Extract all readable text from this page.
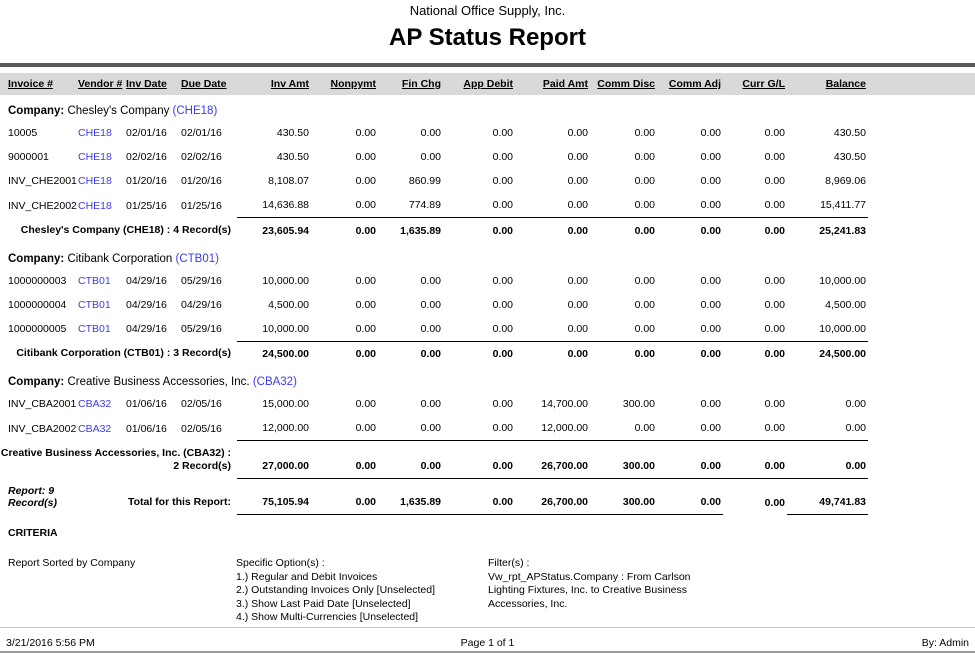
National Office Supply, Inc.
AP Status Report
Invoice #	Vendor #	Inv Date	Due Date	Inv Amt	Nonpymt	Fin Chg	App Debit	Paid Amt	Comm Disc	Comm Adj	Curr G/L	Balance	

Company: Chesley's Company (CHE18)													

10005	CHE18	02/01/16	02/01/16	430.50	0.00	0.00	0.00	0.00	0.00	0.00	0.00	430.50	
9000001	CHE18	02/02/16	02/02/16	430.50	0.00	0.00	0.00	0.00	0.00	0.00	0.00	430.50	
INV_CHE2001	CHE18	01/20/16	01/20/16	8,108.07	0.00	860.99	0.00	0.00	0.00	0.00	0.00	8,969.06	
INV_CHE2002	CHE18	01/25/16	01/25/16	14,636.88	0.00	774.89	0.00	0.00	0.00	0.00	0.00	15,411.77	
Chesley's Company (CHE18) : 4 Record(s)				23,605.94	0.00	1,635.89	0.00	0.00	0.00	0.00	0.00	25,241.83	

Company: Citibank Corporation (CTB01)													

1000000003	CTB01	04/29/16	05/29/16	10,000.00	0.00	0.00	0.00	0.00	0.00	0.00	0.00	10,000.00	
1000000004	CTB01	04/29/16	04/29/16	4,500.00	0.00	0.00	0.00	0.00	0.00	0.00	0.00	4,500.00	
1000000005	CTB01	04/29/16	05/29/16	10,000.00	0.00	0.00	0.00	0.00	0.00	0.00	0.00	10,000.00	
Citibank Corporation (CTB01) : 3 Record(s)				24,500.00	0.00	0.00	0.00	0.00	0.00	0.00	0.00	24,500.00	

Company: Creative Business Accessories, Inc. (CBA32)													

INV_CBA2001	CBA32	01/06/16	02/05/16	15,000.00	0.00	0.00	0.00	14,700.00	300.00	0.00	0.00	0.00	
INV_CBA2002	CBA32	01/06/16	02/05/16	12,000.00	0.00	0.00	0.00	12,000.00	0.00	0.00	0.00	0.00	
Creative Business Accessories, Inc. (CBA32) : 2 Record(s)				27,000.00	0.00	0.00	0.00	26,700.00	300.00	0.00	0.00	0.00	
Report: 9 Record(s)	Total for this Report:			75,105.94	0.00	1,635.89	0.00	26,700.00	300.00	0.00	0.00	49,741.83	
CRITERIA
Report Sorted by Company	Specific Option(s) :
1.) Regular and Debit Invoices
2.) Outstanding Invoices Only [Unselected]
3.) Show Last Paid Date [Unselected]
4.) Show Multi-Currencies [Unselected]
Filter(s) :
Vw_rpt_APStatus.Company : From Carlson Lighting Fixtures, Inc. to Creative Business Accessories, Inc.
3/21/2016 5:56 PM	Page 1 of 1	By: Admin
